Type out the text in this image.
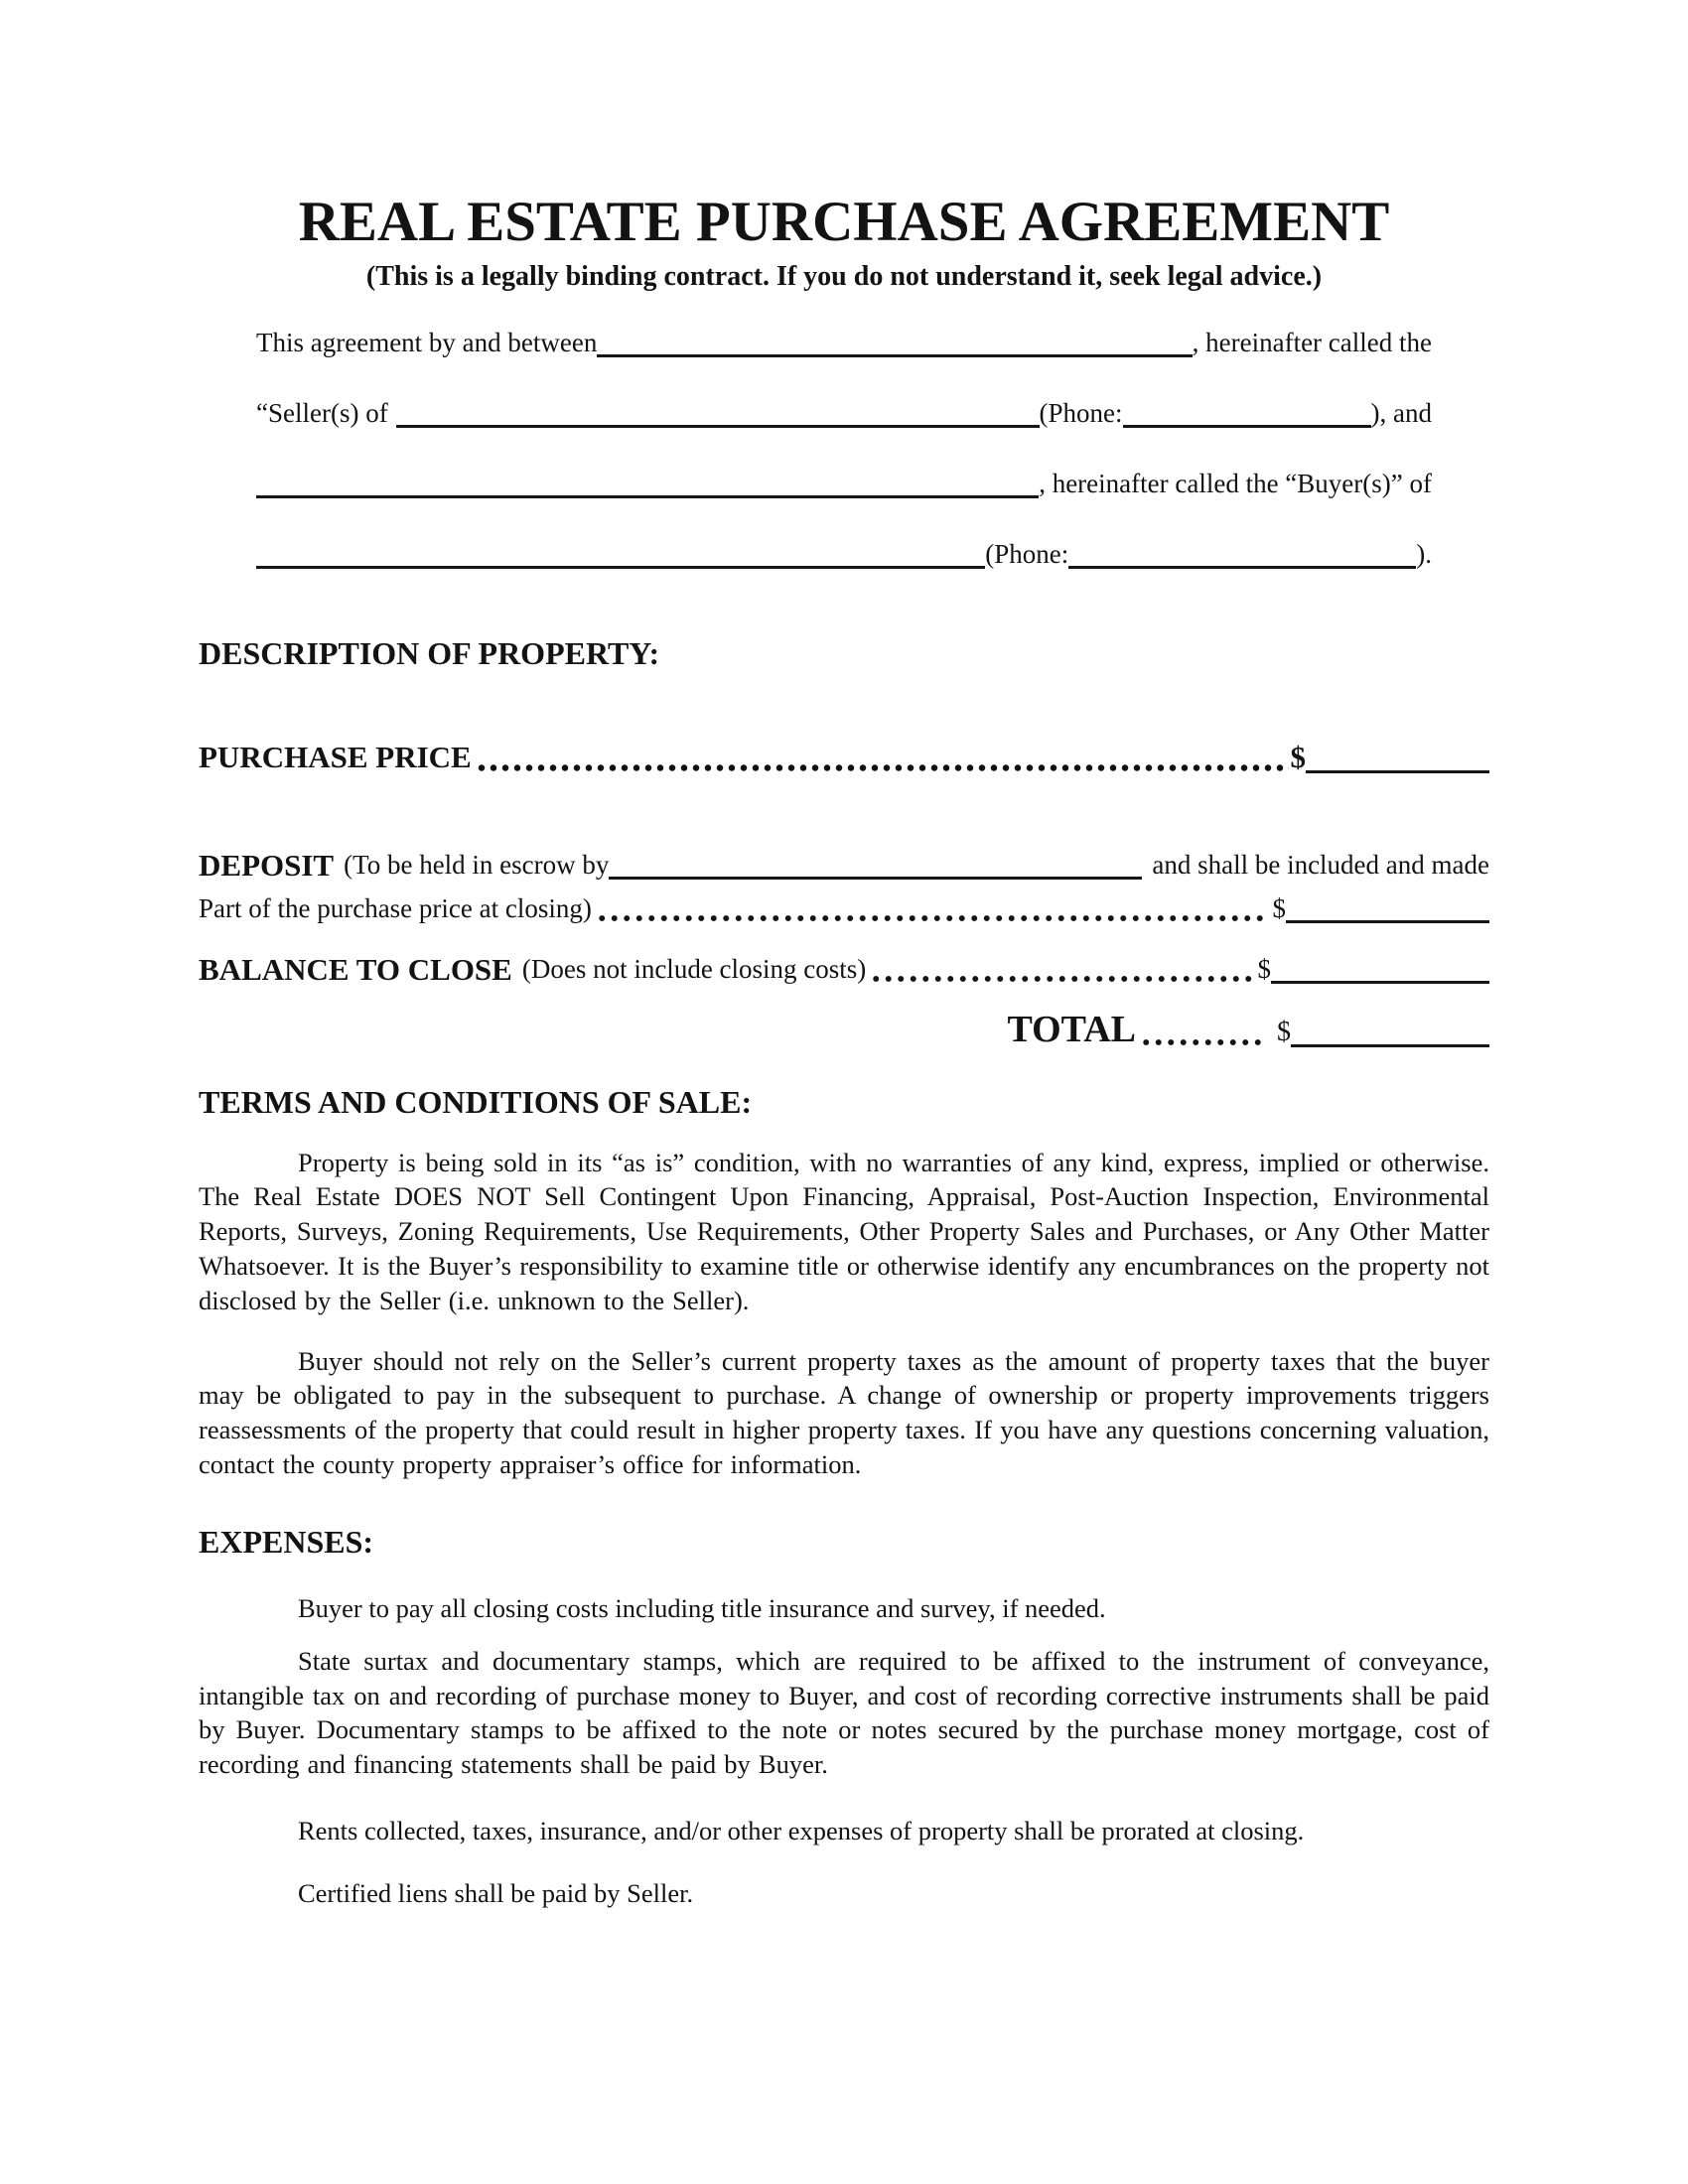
REAL ESTATE PURCHASE AGREEMENT
(This is a legally binding contract. If you do not understand it, seek legal advice.)
This agreement by and between	, hereinafter called the
“Seller(s) of	(Phone:	), and
, hereinafter called the “Buyer(s)” of
(Phone:	).
DESCRIPTION OF PROPERTY:
PURCHASE PRICE	$
DEPOSIT (To be held in escrow by	and shall be included and made
Part of the purchase price at closing)	$
BALANCE TO CLOSE (Does not include closing costs)	$
TOTAL	$
TERMS AND CONDITIONS OF SALE:
Property is being sold in its “as is” condition, with no warranties of any kind, express, implied or otherwise. The Real Estate DOES NOT Sell Contingent Upon Financing, Appraisal, Post-Auction Inspection, Environmental Reports, Surveys, Zoning Requirements, Use Requirements, Other Property Sales and Purchases, or Any Other Matter Whatsoever. It is the Buyer’s responsibility to examine title or otherwise identify any encumbrances on the property not disclosed by the Seller (i.e. unknown to the Seller).
Buyer should not rely on the Seller’s current property taxes as the amount of property taxes that the buyer may be obligated to pay in the subsequent to purchase. A change of ownership or property improvements triggers reassessments of the property that could result in higher property taxes. If you have any questions concerning valuation, contact the county property appraiser’s office for information.
EXPENSES:
Buyer to pay all closing costs including title insurance and survey, if needed.
State surtax and documentary stamps, which are required to be affixed to the instrument of conveyance, intangible tax on and recording of purchase money to Buyer, and cost of recording corrective instruments shall be paid by Buyer. Documentary stamps to be affixed to the note or notes secured by the purchase money mortgage, cost of recording and financing statements shall be paid by Buyer.
Rents collected, taxes, insurance, and/or other expenses of property shall be prorated at closing.
Certified liens shall be paid by Seller.
